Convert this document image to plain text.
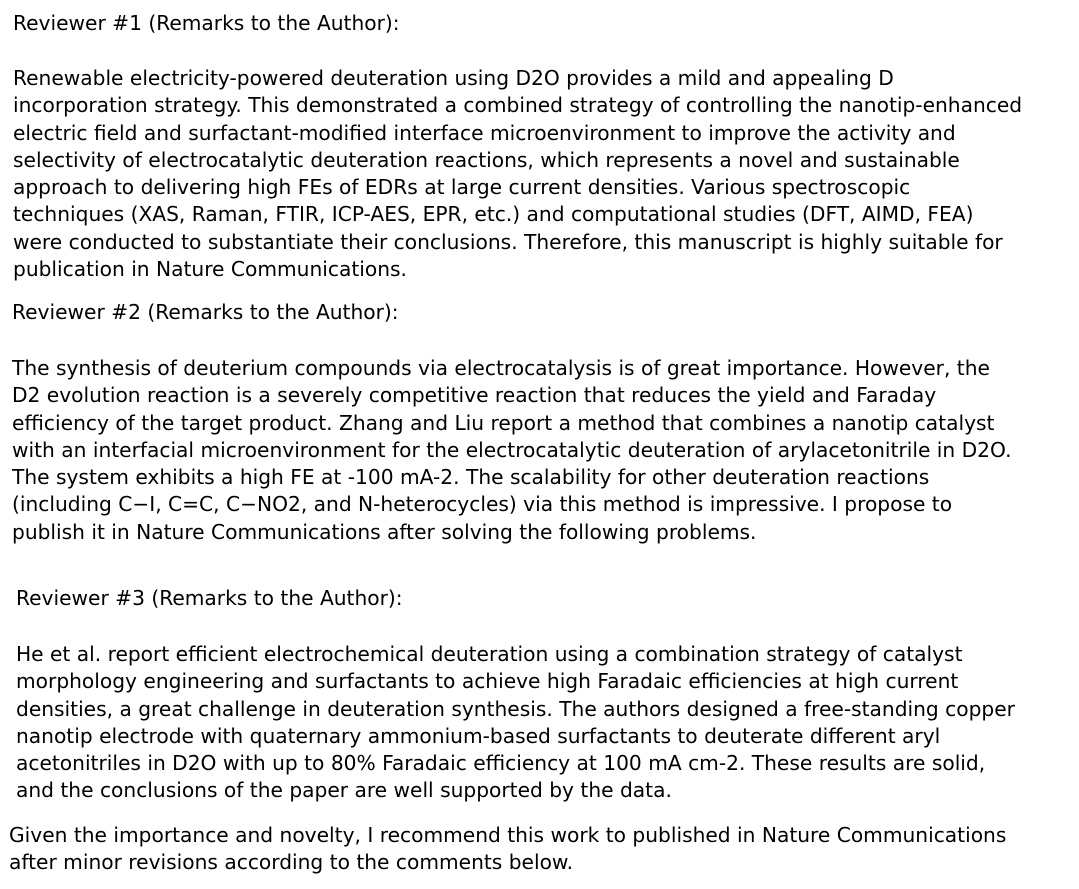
Reviewer #1 (Remarks to the Author):
Renewable electricity-powered deuteration using D2O provides a mild and appealing D
incorporation strategy. This demonstrated a combined strategy of controlling the nanotip-enhanced
electric field and surfactant-modified interface microenvironment to improve the activity and
selectivity of electrocatalytic deuteration reactions, which represents a novel and sustainable
approach to delivering high FEs of EDRs at large current densities. Various spectroscopic
techniques (XAS, Raman, FTIR, ICP-AES, EPR, etc.) and computational studies (DFT, AIMD, FEA)
were conducted to substantiate their conclusions. Therefore, this manuscript is highly suitable for
publication in Nature Communications.
Reviewer #2 (Remarks to the Author):
The synthesis of deuterium compounds via electrocatalysis is of great importance. However, the
D2 evolution reaction is a severely competitive reaction that reduces the yield and Faraday
efficiency of the target product. Zhang and Liu report a method that combines a nanotip catalyst
with an interfacial microenvironment for the electrocatalytic deuteration of arylacetonitrile in D2O.
The system exhibits a high FE at -100 mA-2. The scalability for other deuteration reactions
(including C−I, C=C, C−NO2, and N-heterocycles) via this method is impressive. I propose to
publish it in Nature Communications after solving the following problems.
Reviewer #3 (Remarks to the Author):
He et al. report efficient electrochemical deuteration using a combination strategy of catalyst
morphology engineering and surfactants to achieve high Faradaic efficiencies at high current
densities, a great challenge in deuteration synthesis. The authors designed a free-standing copper
nanotip electrode with quaternary ammonium-based surfactants to deuterate different aryl
acetonitriles in D2O with up to 80% Faradaic efficiency at 100 mA cm-2. These results are solid,
and the conclusions of the paper are well supported by the data.
Given the importance and novelty, I recommend this work to published in Nature Communications
after minor revisions according to the comments below.
